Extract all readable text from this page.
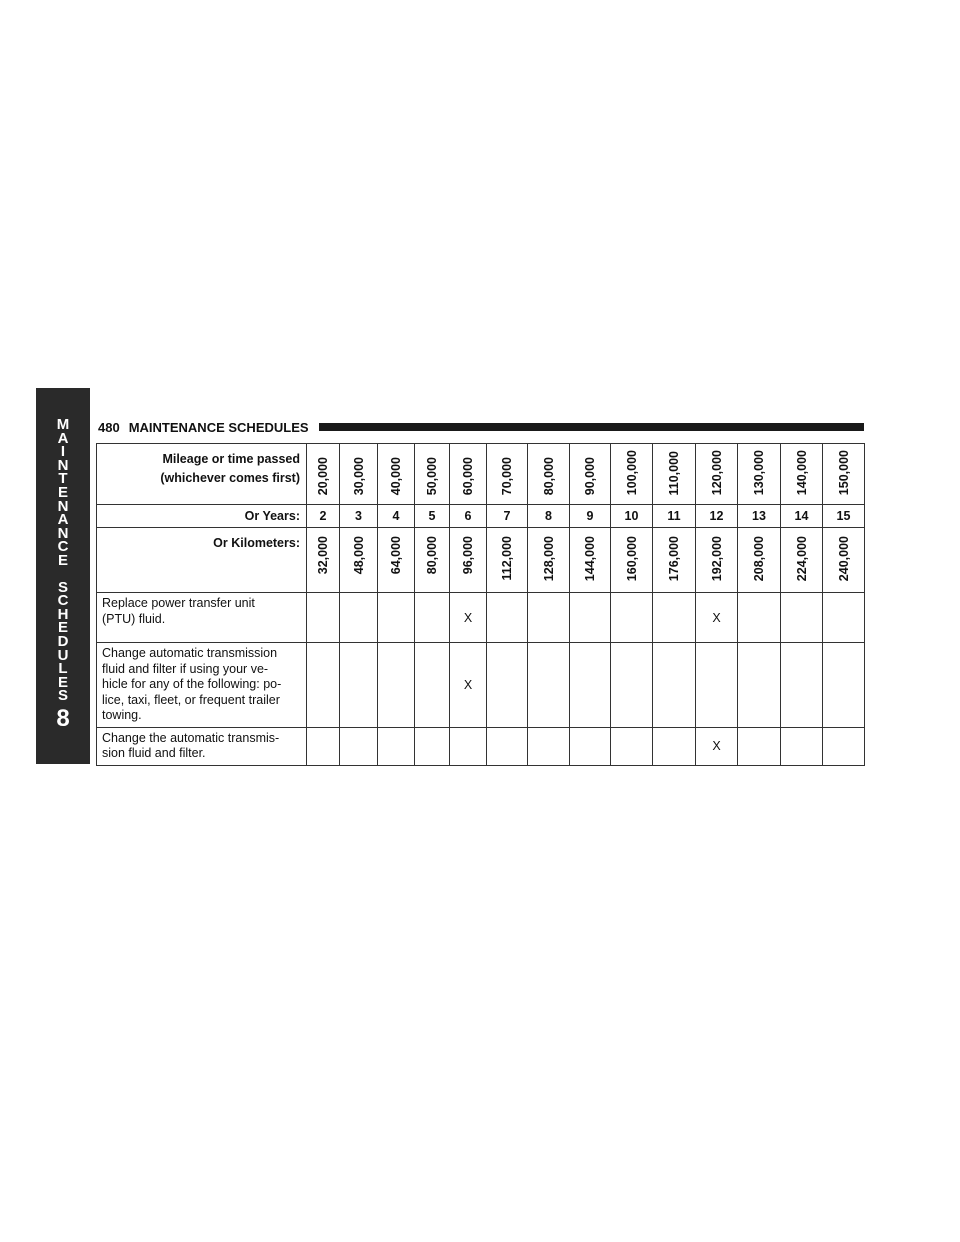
M
A
I
N
T
E
N
A
N
C
E
S
C
H
E
D
U
L
E
S
8
480 MAINTENANCE SCHEDULES
Mileage or time passed
(whichever comes first)	20,000	30,000	40,000	50,000	60,000	70,000	80,000	90,000	100,000	110,000	120,000	130,000	140,000	150,000
Or Years:	2	3	4	5	6	7	8	9	10	11	12	13	14	15
Or Kilometers:	32,000	48,000	64,000	80,000	96,000	112,000	128,000	144,000	160,000	176,000	192,000	208,000	224,000	240,000

Replace power transfer unit
(PTU) fluid.					X						X			

Change automatic transmission
fluid and filter if using your ve-
hicle for any of the following: po-
lice, taxi, fleet, or frequent trailer
towing.					X									

Change the automatic transmis-
sion fluid and filter.											X			
